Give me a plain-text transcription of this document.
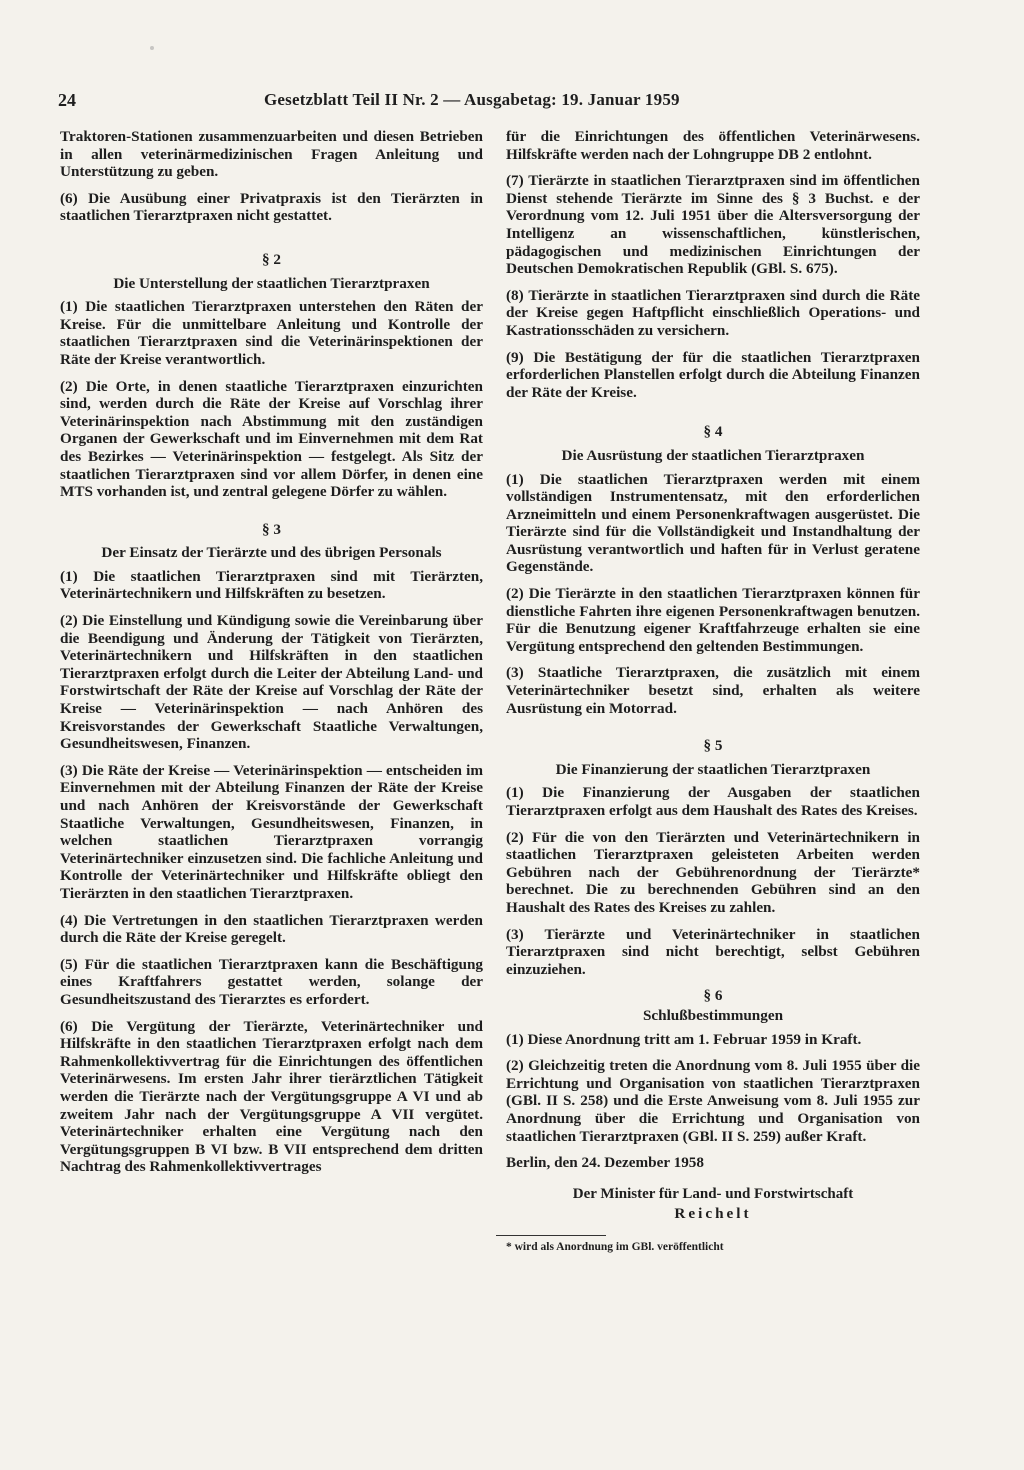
24	Gesetzblatt Teil II Nr. 2 — Ausgabetag: 19. Januar 1959

Traktoren-Stationen zusammenzuarbeiten und diesen Betrieben in allen veterinärmedizinischen Fragen Anleitung und Unterstützung zu geben.

(6) Die Ausübung einer Privatpraxis ist den Tierärzten in staatlichen Tierarztpraxen nicht gestattet.

§ 2
Die Unterstellung der staatlichen Tierarztpraxen

(1) Die staatlichen Tierarztpraxen unterstehen den Räten der Kreise. Für die unmittelbare Anleitung und Kontrolle der staatlichen Tierarztpraxen sind die Veterinärinspektionen der Räte der Kreise verantwortlich.

(2) Die Orte, in denen staatliche Tierarztpraxen einzurichten sind, werden durch die Räte der Kreise auf Vorschlag ihrer Veterinärinspektion nach Abstimmung mit den zuständigen Organen der Gewerkschaft und im Einvernehmen mit dem Rat des Bezirkes — Veterinärinspektion — festgelegt. Als Sitz der staatlichen Tierarztpraxen sind vor allem Dörfer, in denen eine MTS vorhanden ist, und zentral gelegene Dörfer zu wählen.

§ 3
Der Einsatz der Tierärzte und des übrigen Personals

(1) Die staatlichen Tierarztpraxen sind mit Tierärzten, Veterinärtechnikern und Hilfskräften zu besetzen.

(2) Die Einstellung und Kündigung sowie die Vereinbarung über die Beendigung und Änderung der Tätigkeit von Tierärzten, Veterinärtechnikern und Hilfskräften in den staatlichen Tierarztpraxen erfolgt durch die Leiter der Abteilung Land- und Forstwirtschaft der Räte der Kreise auf Vorschlag der Räte der Kreise — Veterinärinspektion — nach Anhören des Kreisvorstandes der Gewerkschaft Staatliche Verwaltungen, Gesundheitswesen, Finanzen.

(3) Die Räte der Kreise — Veterinärinspektion — entscheiden im Einvernehmen mit der Abteilung Finanzen der Räte der Kreise und nach Anhören der Kreisvorstände der Gewerkschaft Staatliche Verwaltungen, Gesundheitswesen, Finanzen, in welchen staatlichen Tierarztpraxen vorrangig Veterinärtechniker einzusetzen sind. Die fachliche Anleitung und Kontrolle der Veterinärtechniker und Hilfskräfte obliegt den Tierärzten in den staatlichen Tierarztpraxen.

(4) Die Vertretungen in den staatlichen Tierarztpraxen werden durch die Räte der Kreise geregelt.

(5) Für die staatlichen Tierarztpraxen kann die Beschäftigung eines Kraftfahrers gestattet werden, solange der Gesundheitszustand des Tierarztes es erfordert.

(6) Die Vergütung der Tierärzte, Veterinärtechniker und Hilfskräfte in den staatlichen Tierarztpraxen erfolgt nach dem Rahmenkollektivvertrag für die Einrichtungen des öffentlichen Veterinärwesens. Im ersten Jahr ihrer tierärztlichen Tätigkeit werden die Tierärzte nach der Vergütungsgruppe A VI und ab zweitem Jahr nach der Vergütungsgruppe A VII vergütet. Veterinärtechniker erhalten eine Vergütung nach den Vergütungsgruppen B VI bzw. B VII entsprechend dem dritten Nachtrag des Rahmenkollektivvertrages

für die Einrichtungen des öffentlichen Veterinärwesens. Hilfskräfte werden nach der Lohngruppe DB 2 entlohnt.

(7) Tierärzte in staatlichen Tierarztpraxen sind im öffentlichen Dienst stehende Tierärzte im Sinne des § 3 Buchst. e der Verordnung vom 12. Juli 1951 über die Altersversorgung der Intelligenz an wissenschaftlichen, künstlerischen, pädagogischen und medizinischen Einrichtungen der Deutschen Demokratischen Republik (GBl. S. 675).

(8) Tierärzte in staatlichen Tierarztpraxen sind durch die Räte der Kreise gegen Haftpflicht einschließlich Operations- und Kastrationsschäden zu versichern.

(9) Die Bestätigung der für die staatlichen Tierarztpraxen erforderlichen Planstellen erfolgt durch die Abteilung Finanzen der Räte der Kreise.

§ 4
Die Ausrüstung der staatlichen Tierarztpraxen

(1) Die staatlichen Tierarztpraxen werden mit einem vollständigen Instrumentensatz, mit den erforderlichen Arzneimitteln und einem Personenkraftwagen ausgerüstet. Die Tierärzte sind für die Vollständigkeit und Instandhaltung der Ausrüstung verantwortlich und haften für in Verlust geratene Gegenstände.

(2) Die Tierärzte in den staatlichen Tierarztpraxen können für dienstliche Fahrten ihre eigenen Personenkraftwagen benutzen. Für die Benutzung eigener Kraftfahrzeuge erhalten sie eine Vergütung entsprechend den geltenden Bestimmungen.

(3) Staatliche Tierarztpraxen, die zusätzlich mit einem Veterinärtechniker besetzt sind, erhalten als weitere Ausrüstung ein Motorrad.

§ 5
Die Finanzierung der staatlichen Tierarztpraxen

(1) Die Finanzierung der Ausgaben der staatlichen Tierarztpraxen erfolgt aus dem Haushalt des Rates des Kreises.

(2) Für die von den Tierärzten und Veterinärtechnikern in staatlichen Tierarztpraxen geleisteten Arbeiten werden Gebühren nach der Gebührenordnung der Tierärzte* berechnet. Die zu berechnenden Gebühren sind an den Haushalt des Rates des Kreises zu zahlen.

(3) Tierärzte und Veterinärtechniker in staatlichen Tierarztpraxen sind nicht berechtigt, selbst Gebühren einzuziehen.

§ 6
Schlußbestimmungen

(1) Diese Anordnung tritt am 1. Februar 1959 in Kraft.

(2) Gleichzeitig treten die Anordnung vom 8. Juli 1955 über die Errichtung und Organisation von staatlichen Tierarztpraxen (GBl. II S. 258) und die Erste Anweisung vom 8. Juli 1955 zur Anordnung über die Errichtung und Organisation von staatlichen Tierarztpraxen (GBl. II S. 259) außer Kraft.

Berlin, den 24. Dezember 1958

Der Minister für Land- und Forstwirtschaft

Reichelt

* wird als Anordnung im GBl. veröffentlicht
